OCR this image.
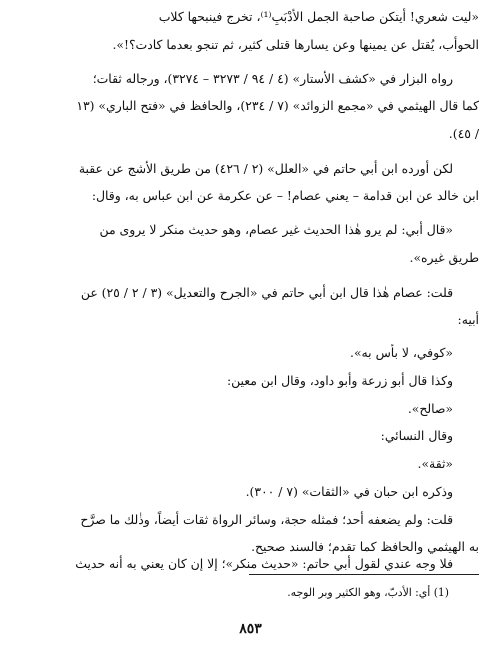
«ليت شعري! أيتكن صاحبة الجمل الأدْبَبِ⁽¹⁾، تخرج فينبحها كلاب
الحوأب، يُقتل عن يمينها وعن يسارها قتلى كثير، ثم تنجو بعدما كادت؟!».
رواه البزار في «كشف الأستار» (٤ / ٩٤ / ٣٢٧٣ – ٣٢٧٤)، ورجاله ثقات؛
كما قال الهيثمي في «مجمع الزوائد» (٧ / ٢٣٤)، والحافظ في «فتح الباري» (١٣
/ ٤٥).
لكن أورده ابن أبي حاتم في «العلل» (٢ / ٤٢٦) من طريق الأشج عن عقبة
ابن خالد عن ابن قدامة – يعني عصام! – عن عكرمة عن ابن عباس به، وقال:
«قال أبي: لم يرو هٰذا الحديث غير عصام، وهو حديث منكر لا يروى من
طريق غيره».
قلت: عصام هٰذا قال ابن أبي حاتم في «الجرح والتعديل» (٣ / ٢ / ٢٥) عن
أبيه:
«كوفي، لا بأس به».
وكذا قال أبو زرعة وأبو داود، وقال ابن معين:
«صالح».
وقال النسائي:
«ثقة».
وذكره ابن حبان في «الثقات» (٧ / ٣٠٠).
قلت: ولم يضعفه أحد؛ فمثله حجة، وسائر الرواة ثقات أيضاً، وذٰلك ما صرَّح
به الهيثمي والحافظ كما تقدم؛ فالسند صحيح.
فلا وجه عندي لقول أبي حاتم: «حديث منكر»؛ إلا إن كان يعني به أنه حديث
(1) أي: الأدبّ، وهو الكثير وبر الوجه.
٨٥٣
